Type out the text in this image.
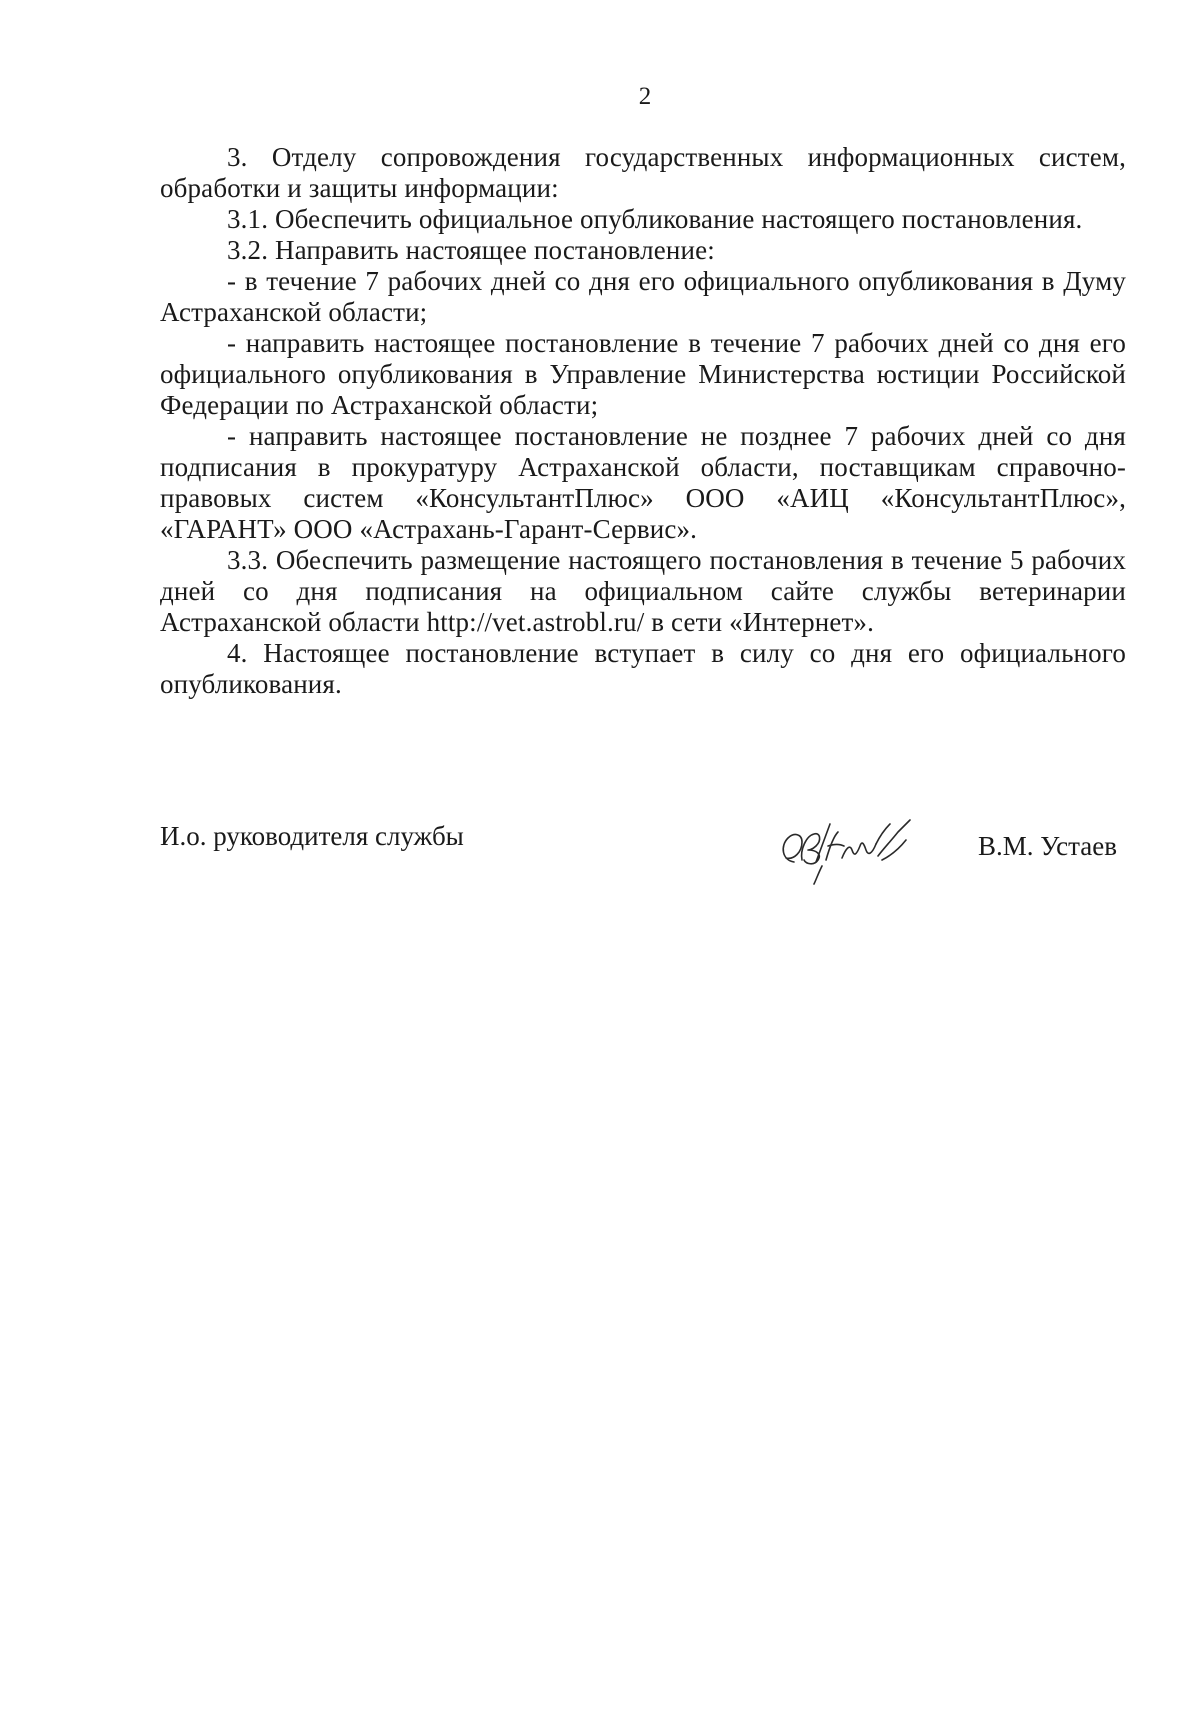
2

3. Отделу сопровождения государственных информационных систем, обработки и защиты информации:

3.1. Обеспечить официальное опубликование настоящего постановления.

3.2. Направить настоящее постановление:

- в течение 7 рабочих дней со дня его официального опубликования в Думу Астраханской области;

- направить настоящее постановление в течение 7 рабочих дней со дня его официального опубликования в Управление Министерства юстиции Российской Федерации по Астраханской области;

- направить настоящее постановление не позднее 7 рабочих дней со дня подписания в прокуратуру Астраханской области, поставщикам справочно-правовых систем «КонсультантПлюс» ООО «АИЦ «КонсультантПлюс», «ГАРАНТ» ООО «Астрахань-Гарант-Сервис».

3.3. Обеспечить размещение настоящего постановления в течение 5 рабочих дней со дня подписания на официальном сайте службы ветеринарии Астраханской области http://vet.astrobl.ru/ в сети «Интернет».

4. Настоящее постановление вступает в силу со дня его официального опубликования.

И.о. руководителя службы	В.М. Устаев
